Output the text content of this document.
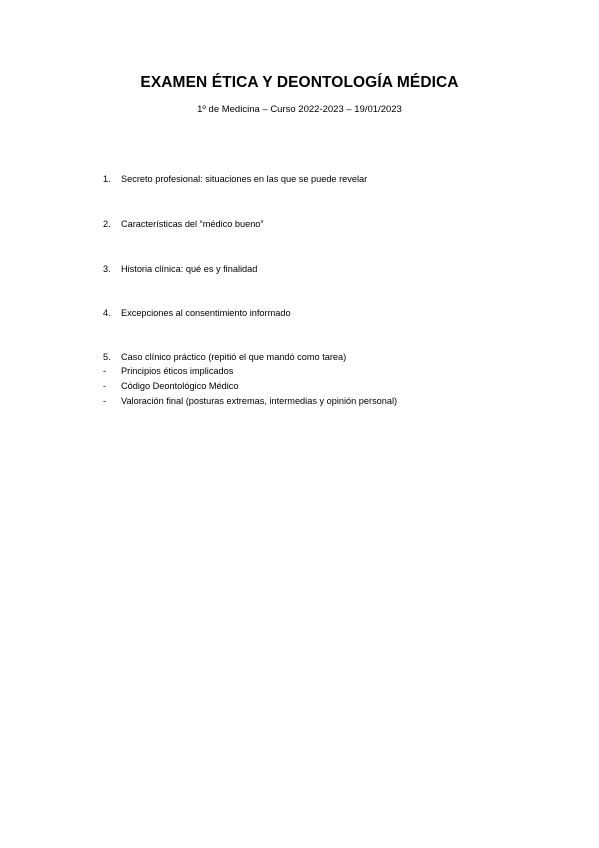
EXAMEN ÉTICA Y DEONTOLOGÍA MÉDICA
1º de Medicina – Curso 2022-2023 – 19/01/2023
1. Secreto profesional: situaciones en las que se puede revelar
2. Características del “médico bueno”
3. Historia clínica: qué es y finalidad
4. Excepciones al consentimiento informado
5. Caso clínico práctico (repitió el que mandó como tarea)
- Principios éticos implicados
- Código Deontológico Médico
- Valoración final (posturas extremas, intermedias y opinión personal)
